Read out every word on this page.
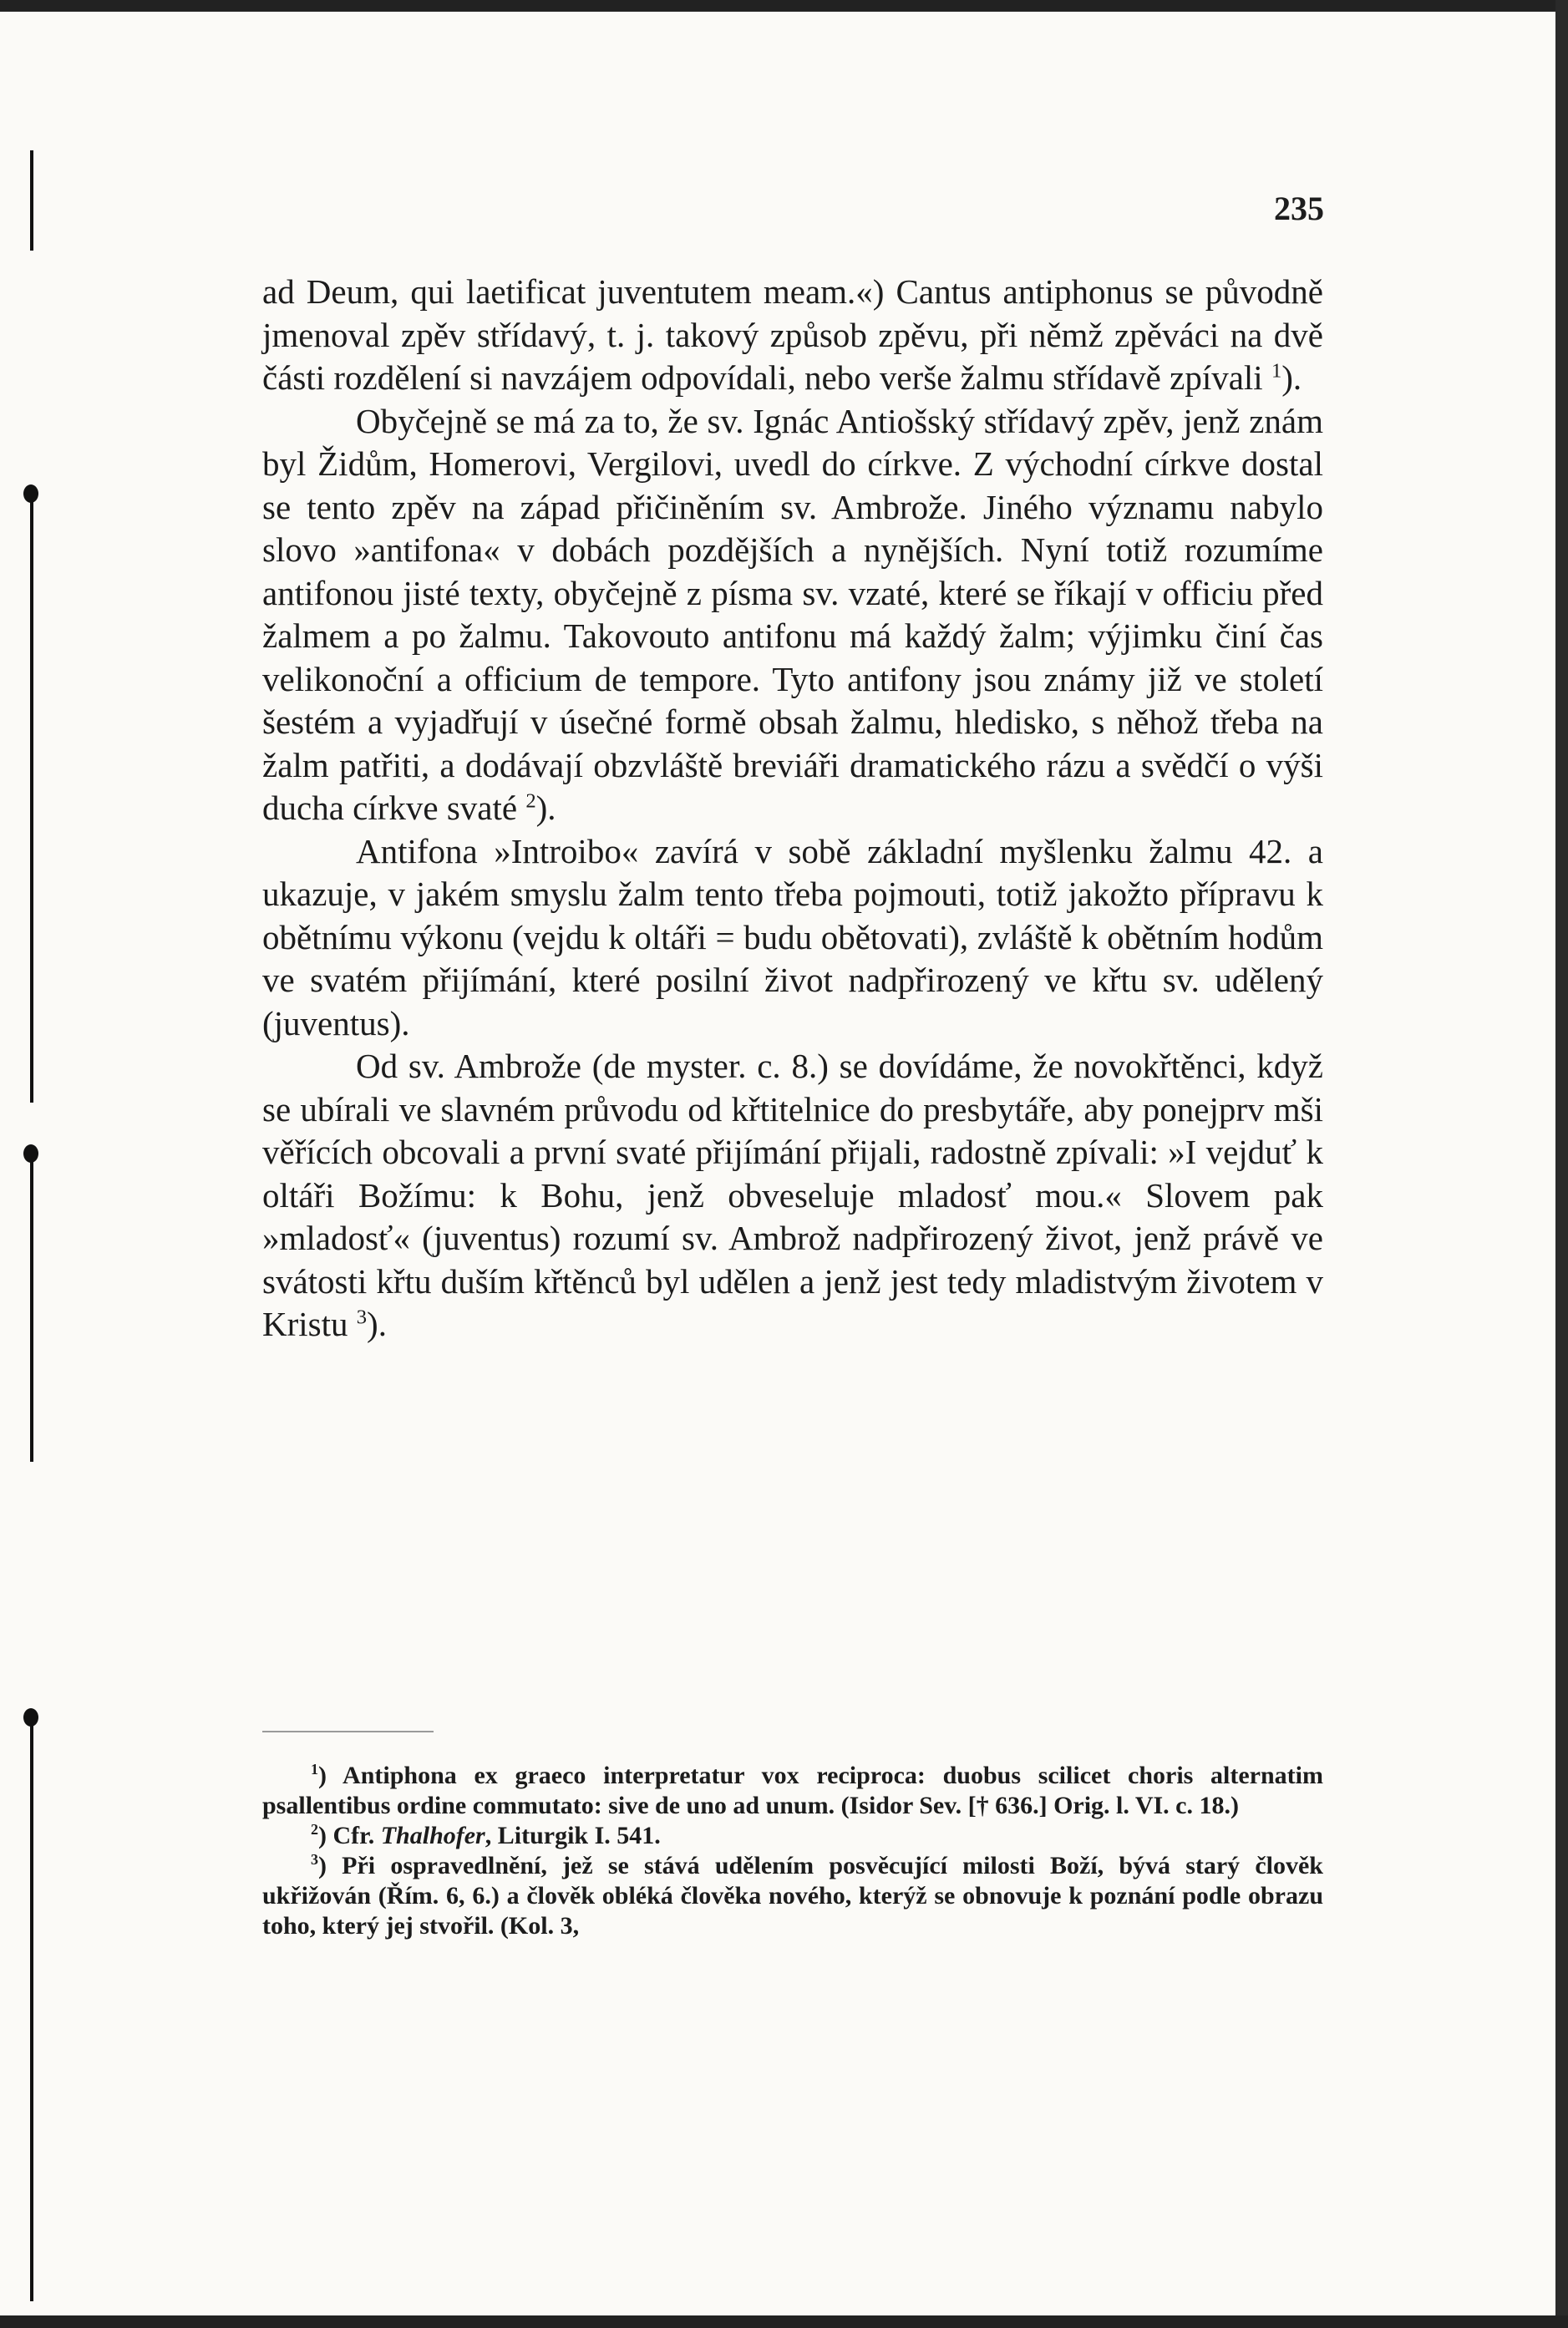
235

ad Deum, qui laetificat juventutem meam.«) Cantus antiphonus se původně jmenoval zpěv střídavý, t. j. takový způsob zpěvu, při němž zpěváci na dvě části rozdělení si navzájem odpovídali, nebo verše žalmu střídavě zpívali $^1$).

Obyčejně se má za to, že sv. Ignác Antiošský střídavý zpěv, jenž znám byl Židům, Homerovi, Vergilovi, uvedl do církve. Z východní církve dostal se tento zpěv na západ přičiněním sv. Ambrože. Jiného významu nabylo slovo »antifona« v dobách pozdějších a nynějších. Nyní totiž rozumíme antifonou jisté texty, obyčejně z písma sv. vzaté, které se říkají v officiu před žalmem a po žalmu. Takovouto antifonu má každý žalm; výjimku činí čas velikonoční a officium de tempore. Tyto antifony jsou známy již ve století šestém a vyjadřují v úsečné formě obsah žalmu, hledisko, s něhož třeba na žalm patřiti, a dodávají obzvláště breviáři dramatického rázu a svědčí o výši ducha církve svaté $^2$).

Antifona »Introibo« zavírá v sobě základní myšlenku žalmu 42. a ukazuje, v jakém smyslu žalm tento třeba pojmouti, totiž jakožto přípravu k obětnímu výkonu (vejdu k oltáři = budu obětovati), zvláště k obětním hodům ve svatém přijímání, které posilní život nadpřirozený ve křtu sv. udělený (juventus).

Od sv. Ambrože (de myster. c. 8.) se dovídáme, že novokřtěnci, když se ubírali ve slavném průvodu od křtitelnice do presbytáře, aby ponejprv mši věřících obcovali a první svaté přijímání přijali, radostně zpívali: »I vejduť k oltáři Božímu: k Bohu, jenž obveseluje mladosť mou.« Slovem pak »mladosť« (juventus) rozumí sv. Ambrož nadpřirozený život, jenž právě ve svátosti křtu duším křtěnců byl udělen a jenž jest tedy mladistvým životem v Kristu $^3$).

$^1$) Antiphona ex graeco interpretatur vox reciproca: duobus scilicet choris alternatim psallentibus ordine commutato: sive de uno ad unum. (Isidor Sev. [† 636.] Orig. l. VI. c. 18.)

$^2$) Cfr. Thalhofer, Liturgik I. 541.

$^3$) Při ospravedlnění, jež se stává udělením posvěcující milosti Boží, bývá starý člověk ukřižován (Řím. 6, 6.) a člověk obléká člověka nového, kterýž se obnovuje k poznání podle obrazu toho, který jej stvořil. (Kol. 3,
